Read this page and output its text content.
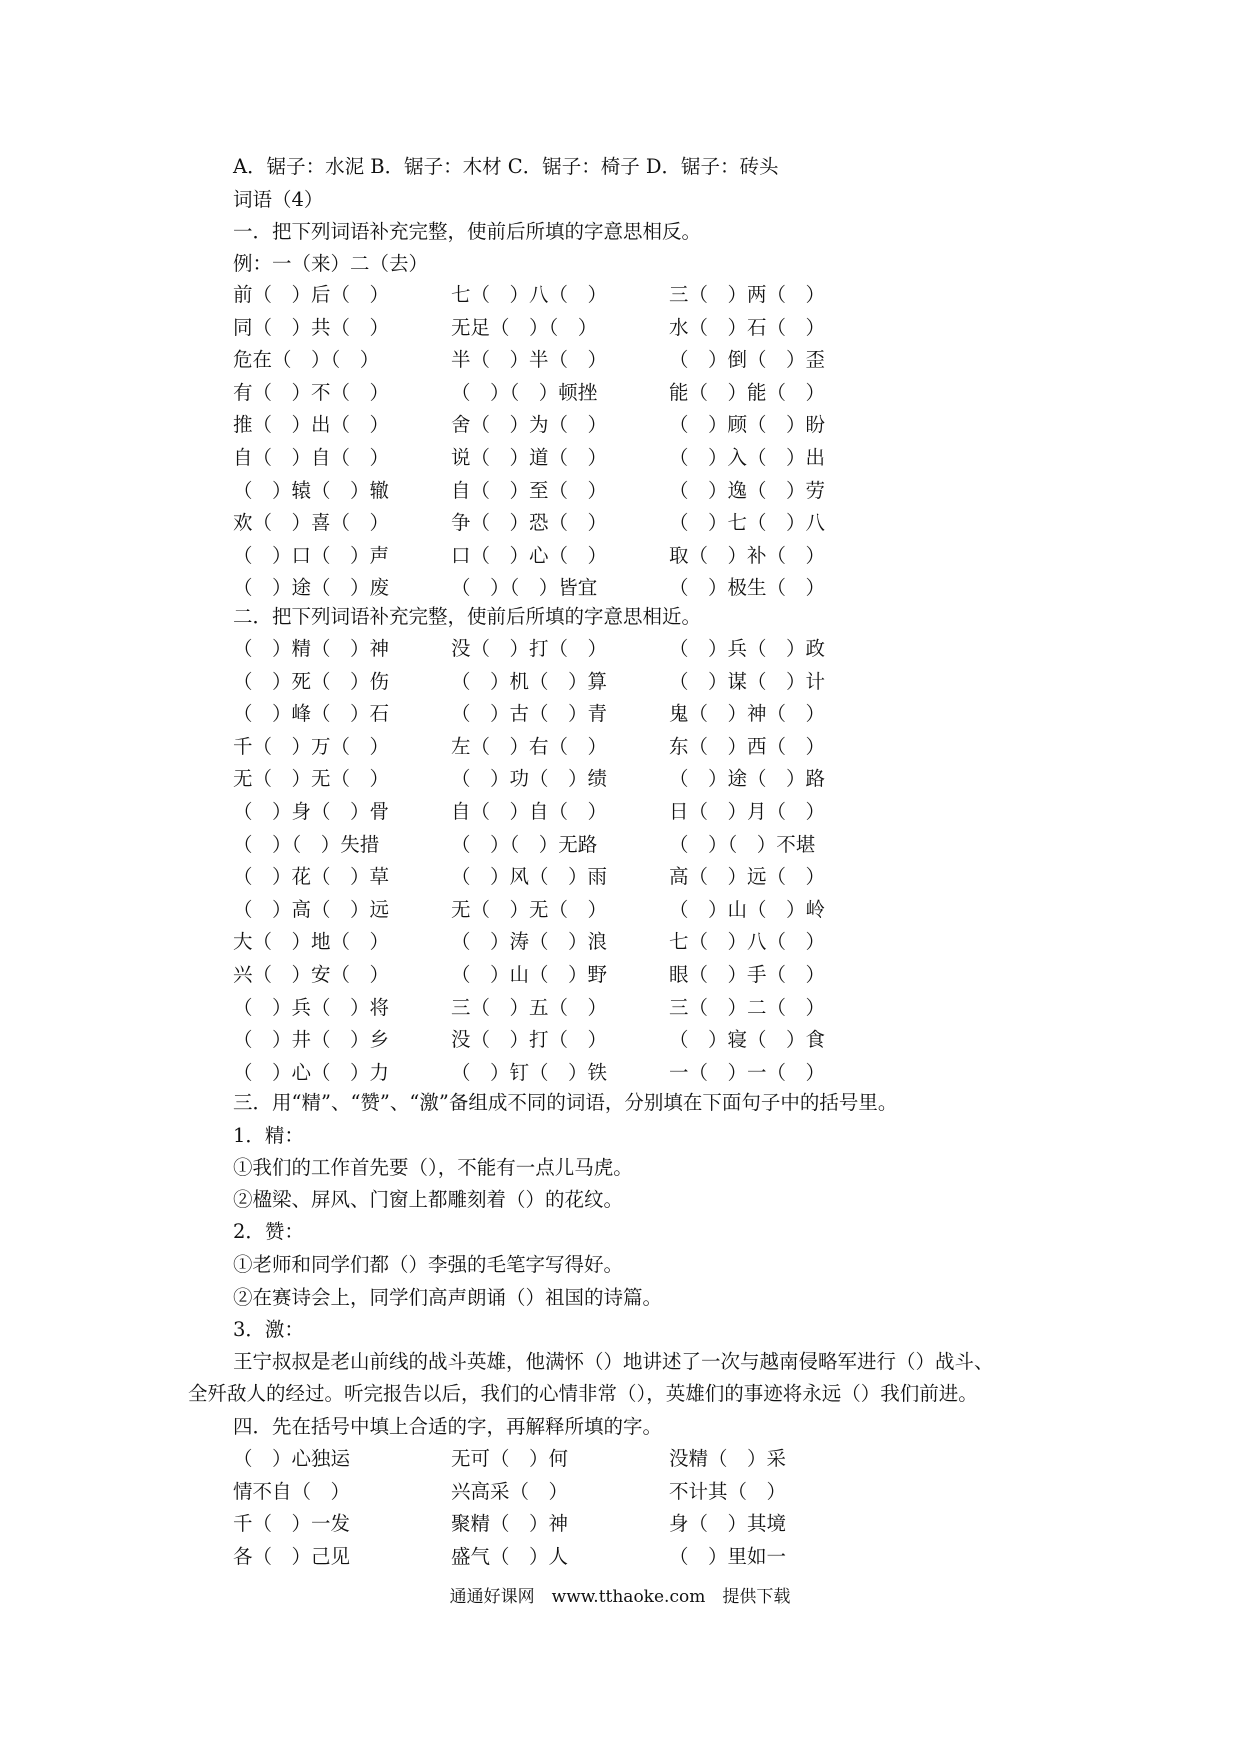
A．锯子：水泥 B．锯子：木材 C．锯子：椅子 D．锯子：砖头
词语（4）
一．把下列词语补充完整，使前后所填的字意思相反。
例：一（来）二（去）
前（　）后（　）	七（　）八（　）	三（　）两（　）
同（　）共（　）	无足（　）（　）	水（　）石（　）
危在（　）（　）	半（　）半（　）	（　）倒（　）歪
有（　）不（　）	（　）（　）顿挫	能（　）能（　）
推（　）出（　）	舍（　）为（　）	（　）顾（　）盼
自（　）自（　）	说（　）道（　）	（　）入（　）出
（　）辕（　）辙	自（　）至（　）	（　）逸（　）劳
欢（　）喜（　）	争（　）恐（　）	（　）七（　）八
（　）口（　）声	口（　）心（　）	取（　）补（　）
（　）途（　）废	（　）（　）皆宜	（　）极生（　）
二．把下列词语补充完整，使前后所填的字意思相近。
（　）精（　）神	没（　）打（　）	（　）兵（　）政
（　）死（　）伤	（　）机（　）算	（　）谋（　）计
（　）峰（　）石	（　）古（　）青	鬼（　）神（　）
千（　）万（　）	左（　）右（　）	东（　）西（　）
无（　）无（　）	（　）功（　）绩	（　）途（　）路
（　）身（　）骨	自（　）自（　）	日（　）月（　）
（　）（　）失措	（　）（　）无路	（　）（　）不堪
（　）花（　）草	（　）风（　）雨	高（　）远（　）
（　）高（　）远	无（　）无（　）	（　）山（　）岭
大（　）地（　）	（　）涛（　）浪	七（　）八（　）
兴（　）安（　）	（　）山（　）野	眼（　）手（　）
（　）兵（　）将	三（　）五（　）	三（　）二（　）
（　）井（　）乡	没（　）打（　）	（　）寝（　）食
（　）心（　）力	（　）钉（　）铁	一（　）一（　）
三．用“精”、“赞”、“激”备组成不同的词语，分别填在下面句子中的括号里。
1．精：
①我们的工作首先要（），不能有一点儿马虎。
②楹梁、屏风、门窗上都雕刻着（）的花纹。
2．赞：
①老师和同学们都（）李强的毛笔字写得好。
②在赛诗会上，同学们高声朗诵（）祖国的诗篇。
3．激：
王宁叔叔是老山前线的战斗英雄，他满怀（）地讲述了一次与越南侵略军进行（）战斗、
全歼敌人的经过。听完报告以后，我们的心情非常（），英雄们的事迹将永远（）我们前进。
四．先在括号中填上合适的字，再解释所填的字。
（　）心独运	无可（　）何	没精（　）采
情不自（　）	兴高采（　）	不计其（　）
千（　）一发	聚精（　）神	身（　）其境
各（　）己见	盛气（　）人	（　）里如一
通通好课网　www.tthaoke.com　提供下载
